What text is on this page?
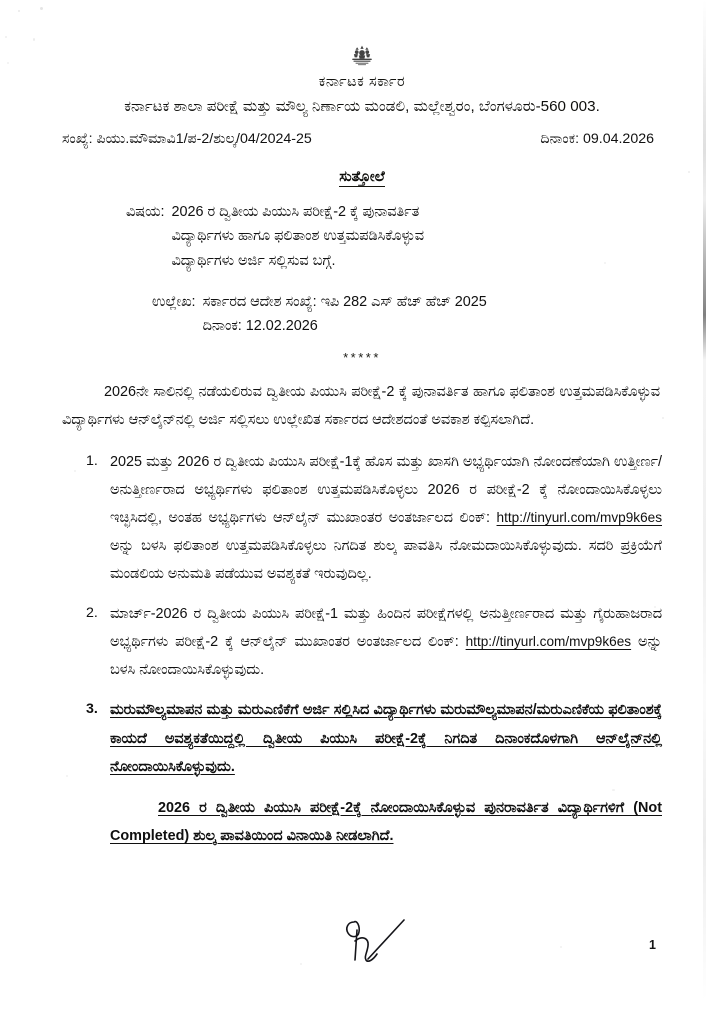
ಕರ್ನಾಟಕ ಸರ್ಕಾರ
ಕರ್ನಾಟಕ ಶಾಲಾ ಪರೀಕ್ಷೆ ಮತ್ತು ಮೌಲ್ಯ ನಿರ್ಣಾಯ ಮಂಡಲಿ, ಮಲ್ಲೇಶ್ವರಂ, ಬೆಂಗಳೂರು-560 003.
ಸಂಖ್ಯೆ: ಪಿಯು.ಮೌಮಾವಿ1/ಪ-2/ಶುಲ್ಕ/04/2024-25	ದಿನಾಂಕ: 09.04.2026
ಸುತ್ತೋಲೆ
ವಿಷಯ: 2026 ರ ದ್ವಿತೀಯ ಪಿಯುಸಿ ಪರೀಕ್ಷೆ-2 ಕ್ಕೆ ಪುನಾವರ್ತಿತ
ವಿದ್ಯಾರ್ಥಿಗಳು ಹಾಗೂ ಫಲಿತಾಂಶ ಉತ್ತಮಪಡಿಸಿಕೊಳ್ಳುವ
ವಿದ್ಯಾರ್ಥಿಗಳು ಅರ್ಜಿ ಸಲ್ಲಿಸುವ ಬಗ್ಗೆ.
ಉಲ್ಲೇಖ: ಸರ್ಕಾರದ ಆದೇಶ ಸಂಖ್ಯೆ: ಇಪಿ 282 ಎಸ್ ಹೆಚ್ ಹೆಚ್ 2025
ದಿನಾಂಕ: 12.02.2026
*****
2026ನೇ ಸಾಲಿನಲ್ಲಿ ನಡೆಯಲಿರುವ ದ್ವಿತೀಯ ಪಿಯುಸಿ ಪರೀಕ್ಷೆ-2 ಕ್ಕೆ ಪುನಾವರ್ತಿತ ಹಾಗೂ ಫಲಿತಾಂಶ ಉತ್ತಮಪಡಿಸಿಕೊಳ್ಳುವ ವಿದ್ಯಾರ್ಥಿಗಳು ಆನ್‌ಲೈನ್‌ನಲ್ಲಿ ಅರ್ಜಿ ಸಲ್ಲಿಸಲು ಉಲ್ಲೇಖಿತ ಸರ್ಕಾರದ ಆದೇಶದಂತೆ ಅವಕಾಶ ಕಲ್ಪಿಸಲಾಗಿದೆ.
1. 2025 ಮತ್ತು 2026 ರ ದ್ವಿತೀಯ ಪಿಯುಸಿ ಪರೀಕ್ಷೆ-1ಕ್ಕೆ ಹೊಸ ಮತ್ತು ಖಾಸಗಿ ಅಭ್ಯರ್ಥಿಯಾಗಿ ನೋಂದಣೆಯಾಗಿ ಉತ್ತೀರ್ಣ/ಅನುತ್ತೀರ್ಣರಾದ ಅಭ್ಯರ್ಥಿಗಳು ಫಲಿತಾಂಶ ಉತ್ತಮಪಡಿಸಿಕೊಳ್ಳಲು 2026 ರ ಪರೀಕ್ಷೆ-2 ಕ್ಕೆ ನೋಂದಾಯಿಸಿಕೊಳ್ಳಲು ಇಚ್ಛಿಸಿದಲ್ಲಿ, ಅಂತಹ ಅಭ್ಯರ್ಥಿಗಳು ಆನ್‌ಲೈನ್ ಮುಖಾಂತರ ಅಂತರ್ಜಾಲದ ಲಿಂಕ್: http://tinyurl.com/mvp9k6es ಅನ್ನು ಬಳಸಿ ಫಲಿತಾಂಶ ಉತ್ತಮಪಡಿಸಿಕೊಳ್ಳಲು ನಿಗದಿತ ಶುಲ್ಕ ಪಾವತಿಸಿ ನೋಮದಾಯಿಸಿಕೊಳ್ಳುವುದು. ಸದರಿ ಪ್ರಕ್ರಿಯೆಗೆ ಮಂಡಲಿಯ ಅನುಮತಿ ಪಡೆಯುವ ಅವಶ್ಯಕತೆ ಇರುವುದಿಲ್ಲ.
2. ಮಾರ್ಚ್-2026 ರ ದ್ವಿತೀಯ ಪಿಯುಸಿ ಪರೀಕ್ಷೆ-1 ಮತ್ತು ಹಿಂದಿನ ಪರೀಕ್ಷೆಗಳಲ್ಲಿ ಅನುತ್ತೀರ್ಣರಾದ ಮತ್ತು ಗೈರುಹಾಜರಾದ ಅಭ್ಯರ್ಥಿಗಳು ಪರೀಕ್ಷೆ-2 ಕ್ಕೆ ಆನ್‌ಲೈನ್ ಮುಖಾಂತರ ಅಂತರ್ಜಾಲದ ಲಿಂಕ್: http://tinyurl.com/mvp9k6es ಅನ್ನು ಬಳಸಿ ನೋಂದಾಯಿಸಿಕೊಳ್ಳುವುದು.
3. ಮರುಮೌಲ್ಯಮಾಪನ ಮತ್ತು ಮರುಎಣಿಕೆಗೆ ಅರ್ಜಿ ಸಲ್ಲಿಸಿದ ವಿದ್ಯಾರ್ಥಿಗಳು ಮರುಮೌಲ್ಯಮಾಪನ/ಮರುಎಣಿಕೆಯ ಫಲಿತಾಂಶಕ್ಕೆ ಕಾಯದೆ ಅವಶ್ಯಕತೆಯಿದ್ದಲ್ಲಿ ದ್ವಿತೀಯ ಪಿಯುಸಿ ಪರೀಕ್ಷೆ-2ಕ್ಕೆ ನಿಗದಿತ ದಿನಾಂಕದೊಳಗಾಗಿ ಆನ್‌ಲೈನ್‌ನಲ್ಲಿ ನೋಂದಾಯಿಸಿಕೊಳ್ಳುವುದು.
2026 ರ ದ್ವಿತೀಯ ಪಿಯುಸಿ ಪರೀಕ್ಷೆ-2ಕ್ಕೆ ನೋಂದಾಯಿಸಿಕೊಳ್ಳುವ ಪುನರಾವರ್ತಿತ ವಿದ್ಯಾರ್ಥಿಗಳಿಗೆ (Not Completed) ಶುಲ್ಕ ಪಾವತಿಯಿಂದ ವಿನಾಯಿತಿ ನೀಡಲಾಗಿದೆ.
1
